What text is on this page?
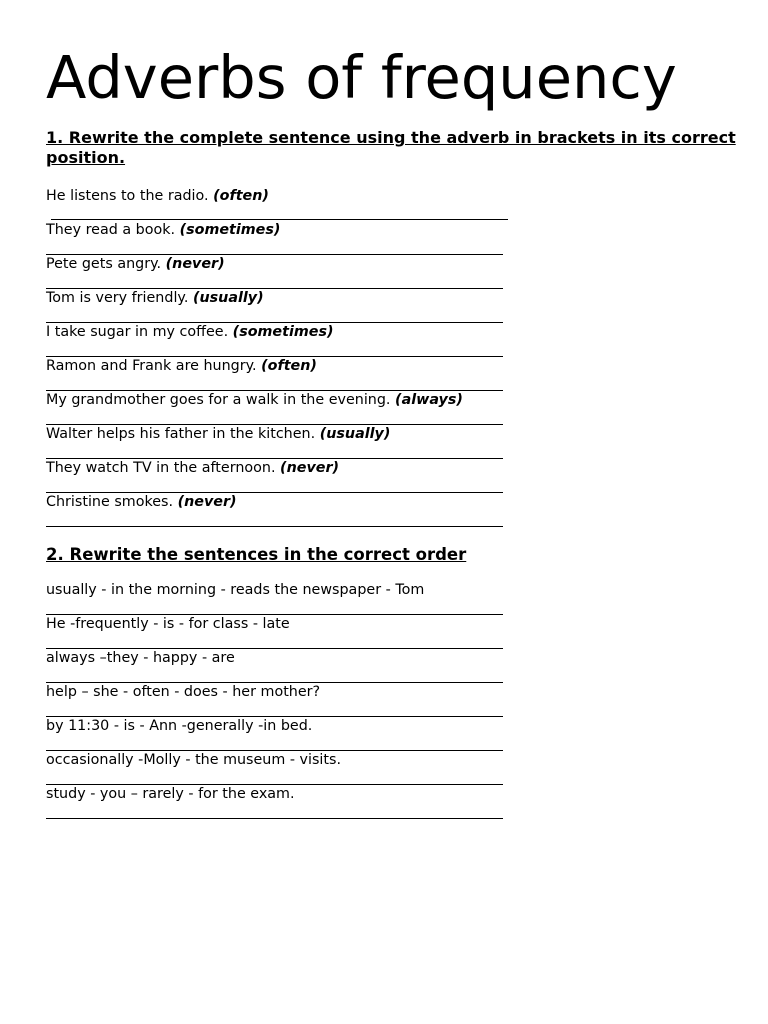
Adverbs of frequency
1. Rewrite the complete sentence using the adverb in brackets in its correct position.
He listens to the radio. (often)
They read a book. (sometimes)
Pete gets angry. (never)
Tom is very friendly. (usually)
I take sugar in my coffee. (sometimes)
Ramon and Frank are hungry. (often)
My grandmother goes for a walk in the evening. (always)
Walter helps his father in the kitchen. (usually)
They watch TV in the afternoon. (never)
Christine smokes. (never)
2. Rewrite the sentences in the correct order
usually - in the morning - reads the newspaper - Tom
He -frequently - is - for class - late
always –they - happy - are
help – she - often - does - her mother?
by 11:30 - is - Ann -generally -in bed.
occasionally -Molly - the museum - visits.
study - you – rarely - for the exam.
